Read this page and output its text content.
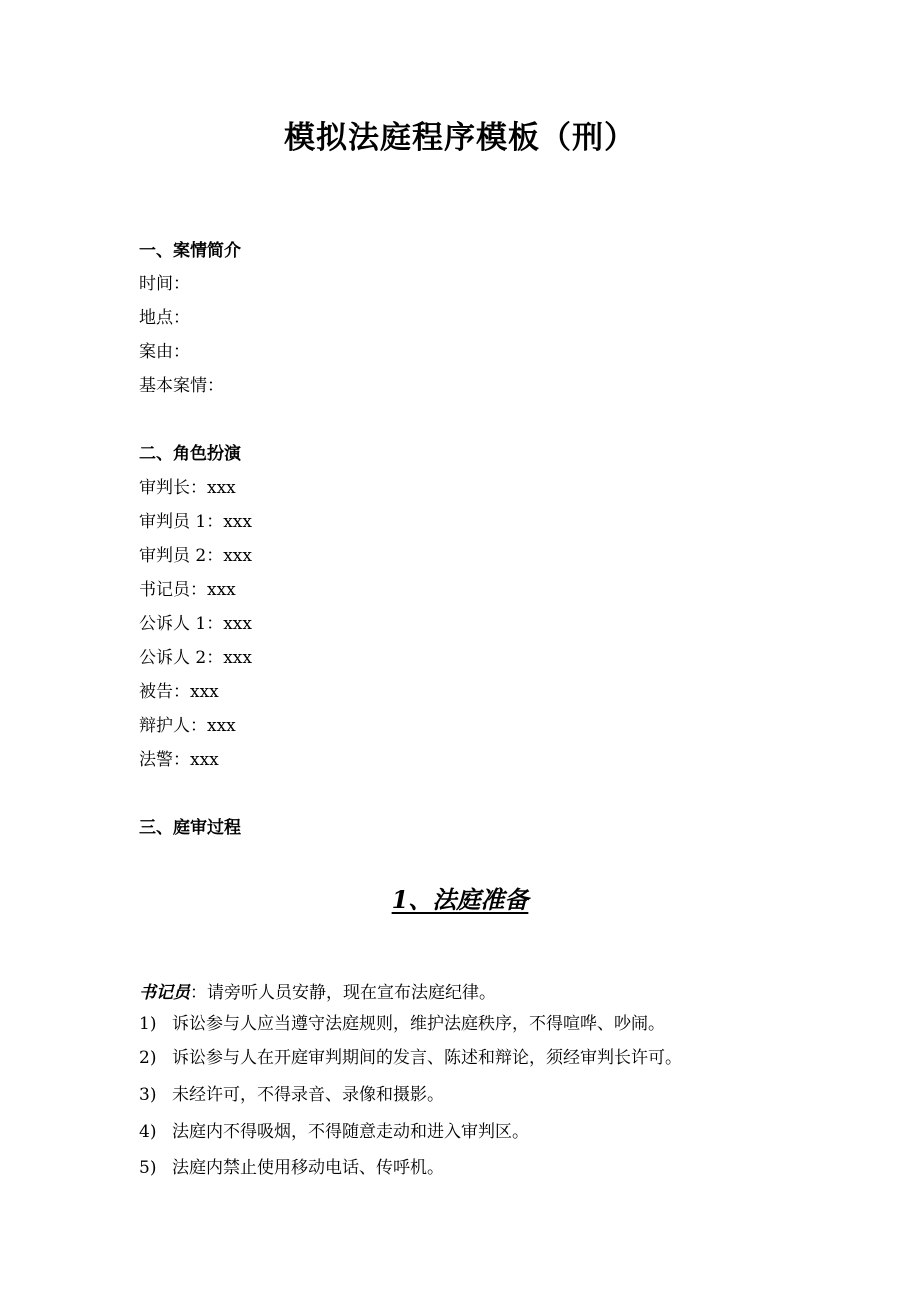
模拟法庭程序模板（刑）
一、案情简介
时间：
地点：
案由：
基本案情：
二、角色扮演
审判长：xxx
审判员 1：xxx
审判员 2：xxx
书记员：xxx
公诉人 1：xxx
公诉人 2：xxx
被告：xxx
辩护人：xxx
法警：xxx
三、庭审过程
1、法庭准备
书记员：请旁听人员安静，现在宣布法庭纪律。
1) 诉讼参与人应当遵守法庭规则，维护法庭秩序，不得喧哗、吵闹。
2) 诉讼参与人在开庭审判期间的发言、陈述和辩论，须经审判长许可。
3) 未经许可，不得录音、录像和摄影。
4) 法庭内不得吸烟，不得随意走动和进入审判区。
5) 法庭内禁止使用移动电话、传呼机。
